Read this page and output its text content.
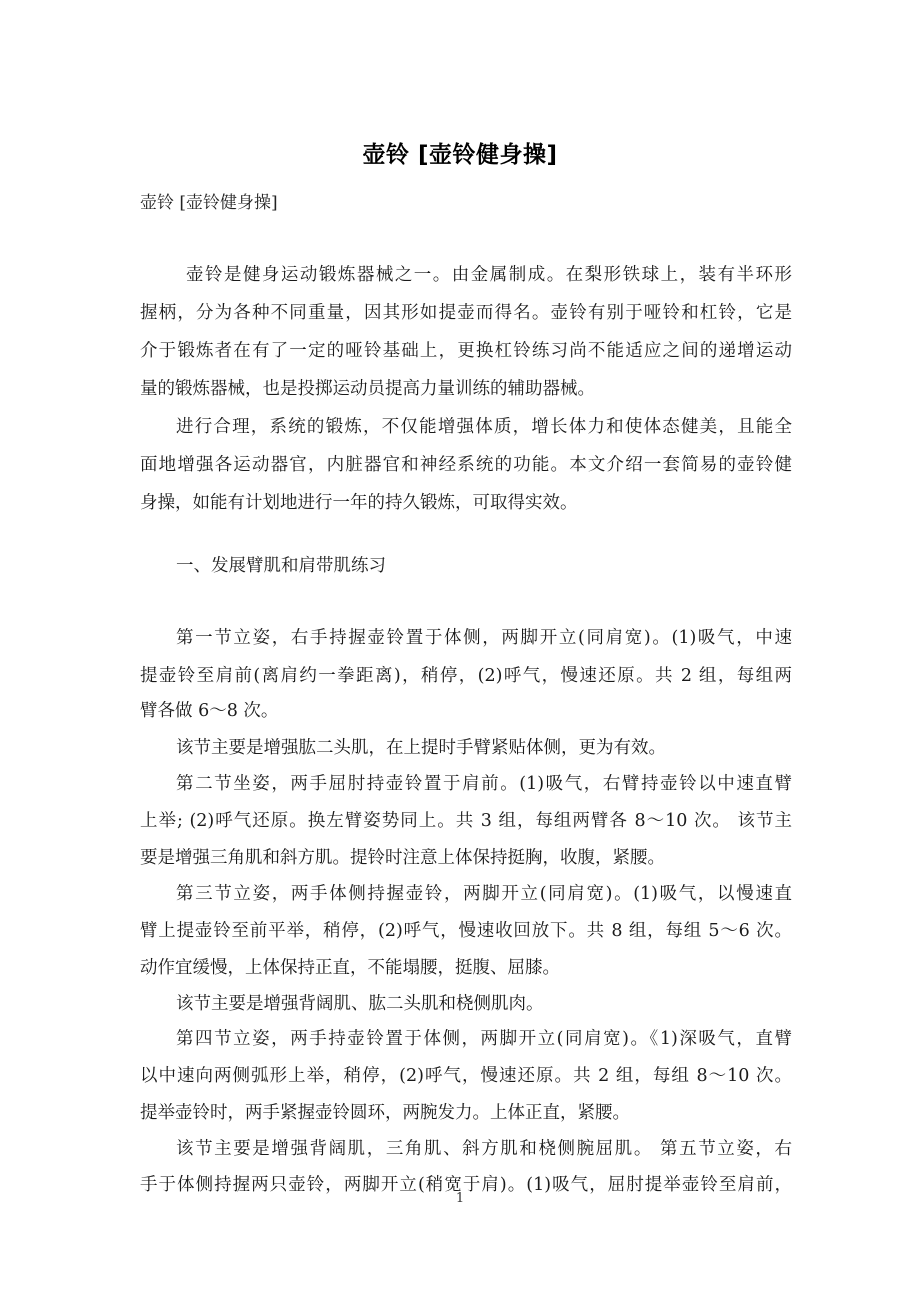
壶铃 [壶铃健身操]
壶铃 [壶铃健身操]
壶铃是健身运动锻炼器械之一。由金属制成。在梨形铁球上，装有半环形
握柄，分为各种不同重量，因其形如提壶而得名。壶铃有别于哑铃和杠铃，它是
介于锻炼者在有了一定的哑铃基础上，更换杠铃练习尚不能适应之间的递增运动
量的锻炼器械，也是投掷运动员提高力量训练的辅助器械。
进行合理，系统的锻炼，不仅能增强体质，增长体力和使体态健美，且能全
面地增强各运动器官，内脏器官和神经系统的功能。本文介绍一套简易的壶铃健
身操，如能有计划地进行一年的持久锻炼，可取得实效。
一、发展臂肌和肩带肌练习
第一节立姿，右手持握壶铃置于体侧，两脚开立(同肩宽)。(1)吸气，中速
提壶铃至肩前(离肩约一拳距离)，稍停，(2)呼气，慢速还原。共 2 组，每组两
臂各做 6～8 次。
该节主要是增强肱二头肌，在上提时手臂紧贴体侧，更为有效。
第二节坐姿，两手屈肘持壶铃置于肩前。(1)吸气，右臂持壶铃以中速直臂
上举; (2)呼气还原。换左臂姿势同上。共 3 组，每组两臂各 8～10 次。 该节主
要是增强三角肌和斜方肌。提铃时注意上体保持挺胸，收腹，紧腰。
第三节立姿，两手体侧持握壶铃，两脚开立(同肩宽)。(1)吸气，以慢速直
臂上提壶铃至前平举，稍停，(2)呼气，慢速收回放下。共 8 组，每组 5～6 次。
动作宜缓慢，上体保持正直，不能塌腰，挺腹、屈膝。
该节主要是增强背阔肌、肱二头肌和桡侧肌肉。
第四节立姿，两手持壶铃置于体侧，两脚开立(同肩宽)。《1)深吸气，直臂
以中速向两侧弧形上举，稍停，(2)呼气，慢速还原。共 2 组，每组 8～10 次。
提举壶铃时，两手紧握壶铃圆环，两腕发力。上体正直，紧腰。
该节主要是增强背阔肌，三角肌、斜方肌和桡侧腕屈肌。 第五节立姿，右
手于体侧持握两只壶铃，两脚开立(稍宽于肩)。(1)吸气，屈肘提举壶铃至肩前，
1
